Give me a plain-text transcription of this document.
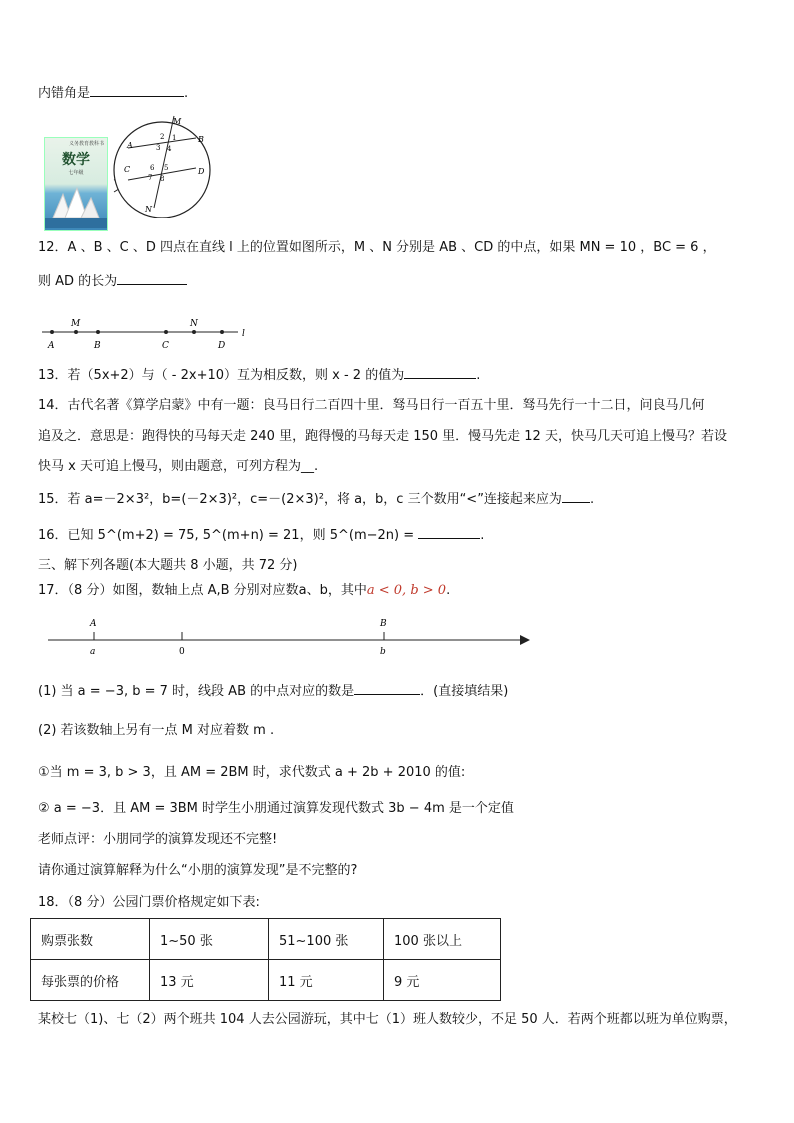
内错角是	.
义务教育教科书
数学
七年级
M
N
A
B
C	D
1
2
3 4
5
6
7 8
12．A 、B 、C 、D 四点在直线 l 上的位置如图所示，M 、N 分别是 AB 、CD 的中点，如果 MN = 10 ，BC = 6 ，
则 AD 的长为
A
M
B	C
N
D
l
13．若（5x+2）与（ - 2x+10）互为相反数，则 x - 2 的值为	.
14．古代名著《算学启蒙》中有一题：良马日行二百四十里．驽马日行一百五十里．驽马先行一十二日，问良马几何
追及之．意思是：跑得快的马每天走 240 里，跑得慢的马每天走 150 里．慢马先走 12 天，快马几天可追上慢马？若设
快马 x 天可追上慢马，则由题意，可列方程为__.
15．若 a=－2×3²，b=(－2×3)²，c=－(2×3)²，将 a，b，c 三个数用“<”连接起来应为 .
16．已知 5^(m+2) = 75, 5^(m+n) = 21，则 5^(m−2n) =	.
三、解下列各题(本大题共 8 小题，共 72 分)
17．（8 分）如图，数轴上点 A,B 分别对应数a、b，其中a < 0, b > 0.
A	B
a	0	b
(1) 当 a = −3, b = 7 时，线段 AB 的中点对应的数是	．(直接填结果)
(2) 若该数轴上另有一点 M 对应着数 m .
①当 m = 3, b > 3，且 AM = 2BM 时，求代数式 a + 2b + 2010 的值:
② a = −3．且 AM = 3BM 时学生小朋通过演算发现代数式 3b − 4m 是一个定值
老师点评：小朋同学的演算发现还不完整!
请你通过演算解释为什么“小朋的演算发现”是不完整的?
18．（8 分）公园门票价格规定如下表:
购票张数	1~50 张	51~100 张	100 张以上
每张票的价格	13 元	11 元	9 元
某校七（1)、七（2）两个班共 104 人去公园游玩，其中七（1）班人数较少，不足 50 人．若两个班都以班为单位购票，
